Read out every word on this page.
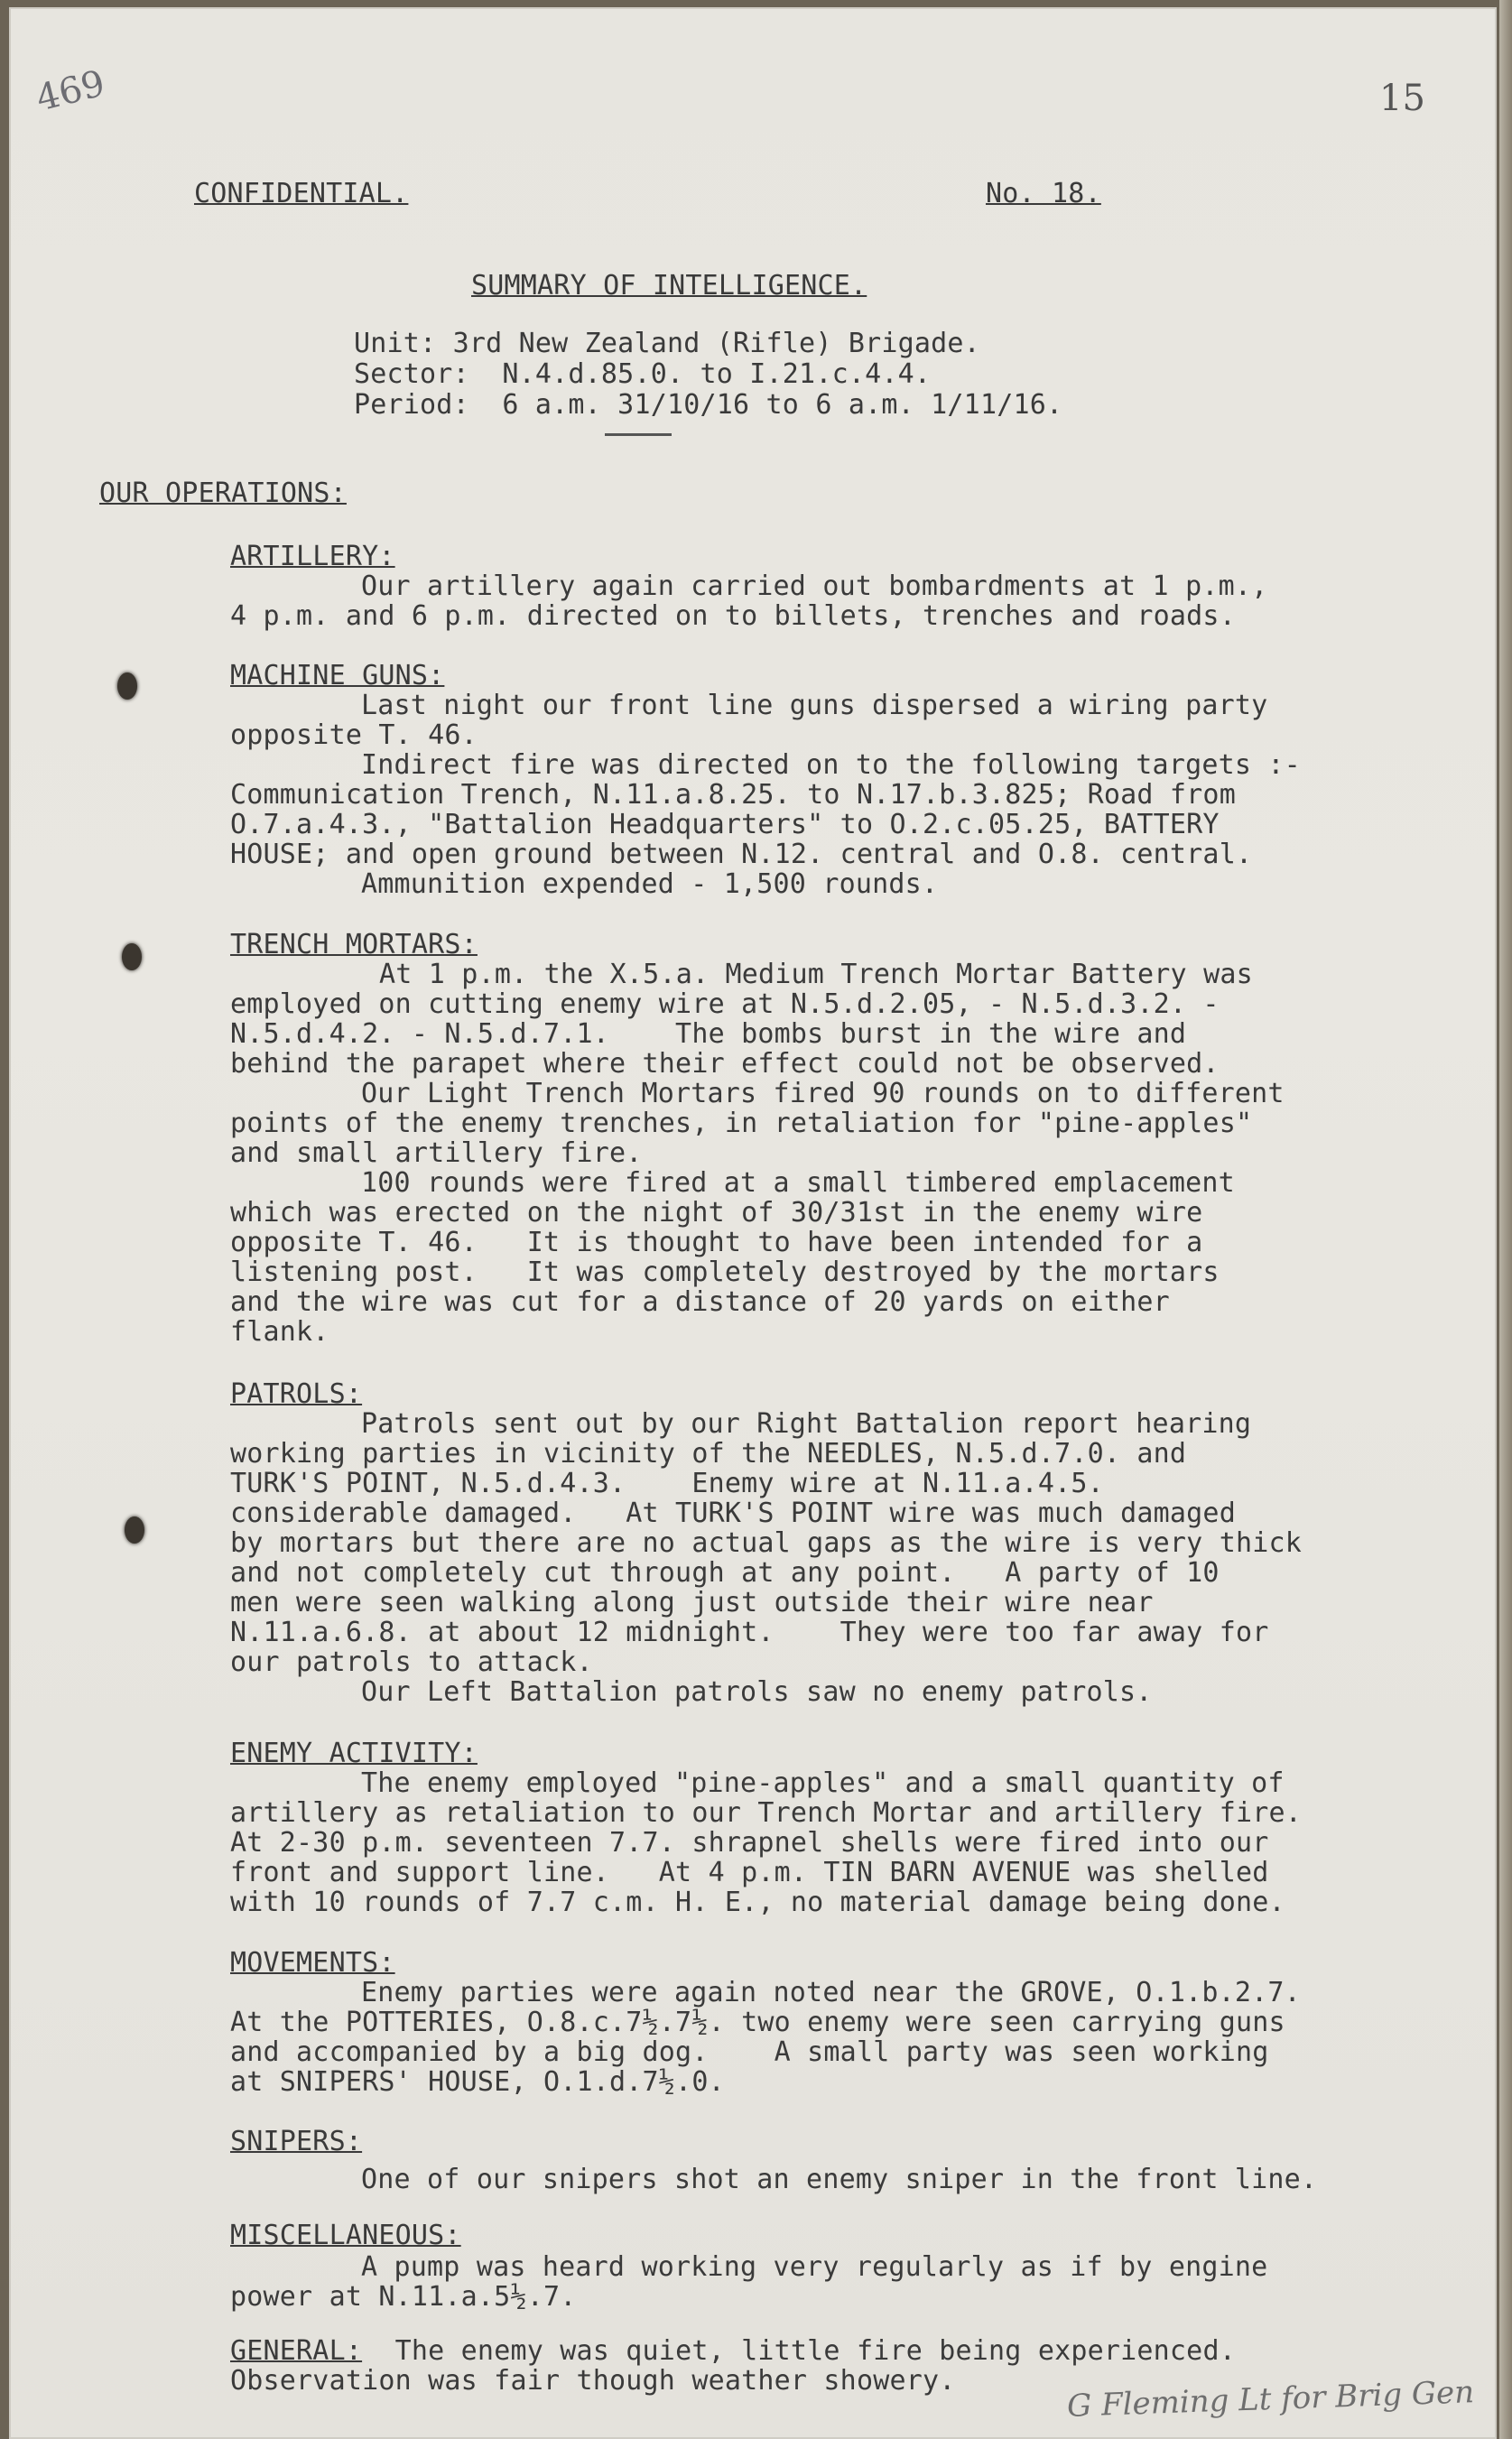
469	15
CONFIDENTIAL.	No. 18.
SUMMARY OF INTELLIGENCE.
Unit: 3rd New Zealand (Rifle) Brigade.
Sector:  N.4.d.85.0. to I.21.c.4.4.
Period:  6 a.m. 31/10/16 to 6 a.m. 1/11/16.
OUR OPERATIONS:
ARTILLERY:
Our artillery again carried out bombardments at 1 p.m.,
4 p.m. and 6 p.m. directed on to billets, trenches and roads.
MACHINE GUNS:
Last night our front line guns dispersed a wiring party
opposite T. 46.
Indirect fire was directed on to the following targets :-
Communication Trench, N.11.a.8.25. to N.17.b.3.825; Road from
O.7.a.4.3., "Battalion Headquarters" to O.2.c.05.25, BATTERY
HOUSE; and open ground between N.12. central and O.8. central.
Ammunition expended - 1,500 rounds.
TRENCH MORTARS:
At 1 p.m. the X.5.a. Medium Trench Mortar Battery was
employed on cutting enemy wire at N.5.d.2.05, - N.5.d.3.2. -
N.5.d.4.2. - N.5.d.7.1.    The bombs burst in the wire and
behind the parapet where their effect could not be observed.
Our Light Trench Mortars fired 90 rounds on to different
points of the enemy trenches, in retaliation for "pine-apples"
and small artillery fire.
100 rounds were fired at a small timbered emplacement
which was erected on the night of 30/31st in the enemy wire
opposite T. 46.   It is thought to have been intended for a
listening post.   It was completely destroyed by the mortars
and the wire was cut for a distance of 20 yards on either
flank.
PATROLS:
Patrols sent out by our Right Battalion report hearing
working parties in vicinity of the NEEDLES, N.5.d.7.0. and
TURK'S POINT, N.5.d.4.3.    Enemy wire at N.11.a.4.5.
considerable damaged.   At TURK'S POINT wire was much damaged
by mortars but there are no actual gaps as the wire is very thick
and not completely cut through at any point.   A party of 10
men were seen walking along just outside their wire near
N.11.a.6.8. at about 12 midnight.    They were too far away for
our patrols to attack.
Our Left Battalion patrols saw no enemy patrols.
ENEMY ACTIVITY:
The enemy employed "pine-apples" and a small quantity of
artillery as retaliation to our Trench Mortar and artillery fire.
At 2-30 p.m. seventeen 7.7. shrapnel shells were fired into our
front and support line.   At 4 p.m. TIN BARN AVENUE was shelled
with 10 rounds of 7.7 c.m. H. E., no material damage being done.
MOVEMENTS:
Enemy parties were again noted near the GROVE, O.1.b.2.7.
At the POTTERIES, O.8.c.7½.7½. two enemy were seen carrying guns
and accompanied by a big dog.    A small party was seen working
at SNIPERS' HOUSE, O.1.d.7½.0.
SNIPERS:
One of our snipers shot an enemy sniper in the front line.
MISCELLANEOUS:
A pump was heard working very regularly as if by engine
power at N.11.a.5½.7.
GENERAL: The enemy was quiet, little fire being experienced.
Observation was fair though weather showery.	G Fleming Lt for Brig Gen
